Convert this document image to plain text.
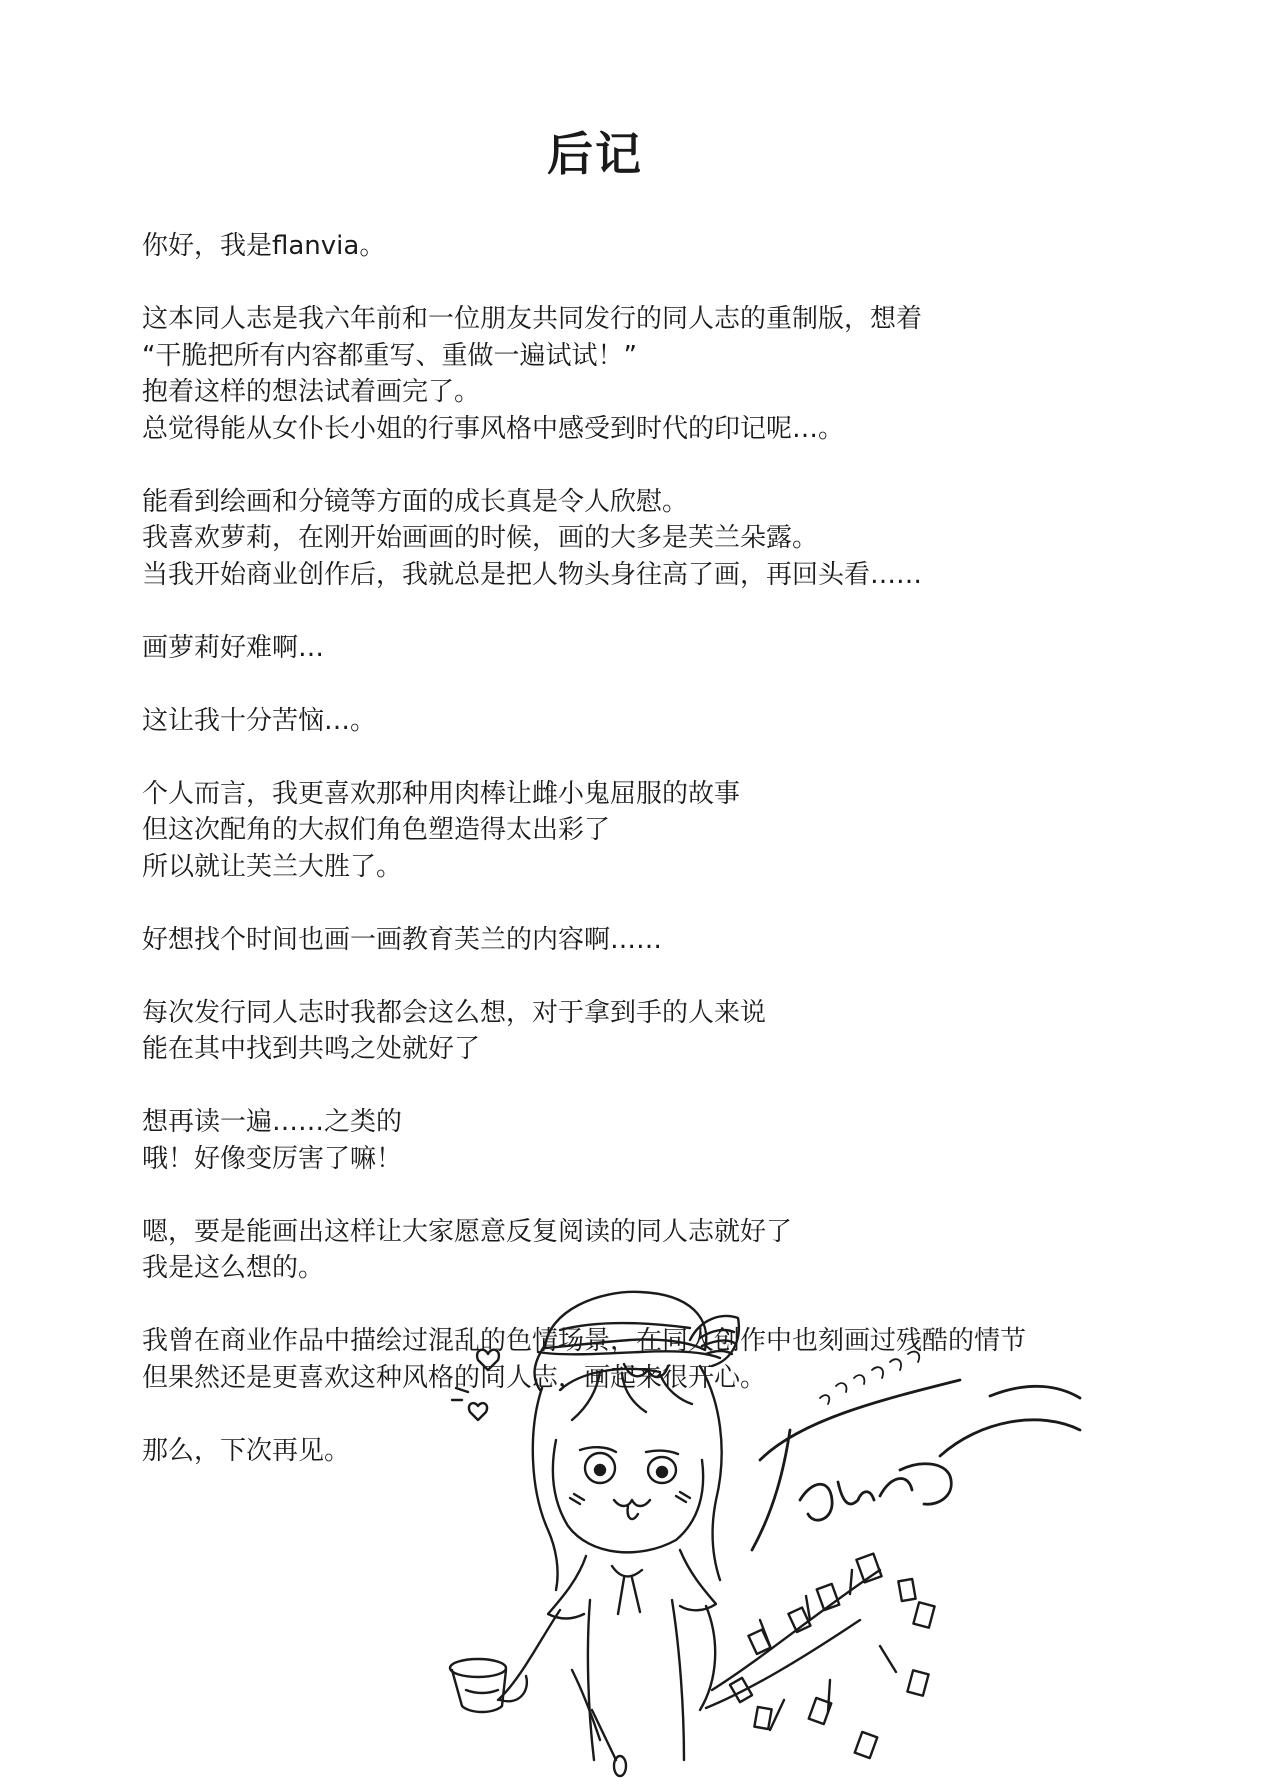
后记
你好，我是flanvia。
这本同人志是我六年前和一位朋友共同发行的同人志的重制版，想着
“干脆把所有内容都重写、重做一遍试试！”
抱着这样的想法试着画完了。
总觉得能从女仆长小姐的行事风格中感受到时代的印记呢…。
能看到绘画和分镜等方面的成长真是令人欣慰。
我喜欢萝莉，在刚开始画画的时候，画的大多是芙兰朵露。
当我开始商业创作后，我就总是把人物头身往高了画，再回头看……
画萝莉好难啊…
这让我十分苦恼…。
个人而言，我更喜欢那种用肉棒让雌小鬼屈服的故事
但这次配角的大叔们角色塑造得太出彩了
所以就让芙兰大胜了。
好想找个时间也画一画教育芙兰的内容啊……
每次发行同人志时我都会这么想，对于拿到手的人来说
能在其中找到共鸣之处就好了
想再读一遍……之类的
哦！好像变厉害了嘛！
嗯，要是能画出这样让大家愿意反复阅读的同人志就好了
我是这么想的。
我曾在商业作品中描绘过混乱的色情场景，在同人创作中也刻画过残酷的情节
但果然还是更喜欢这种风格的同人志，画起来很开心。
那么，下次再见。
